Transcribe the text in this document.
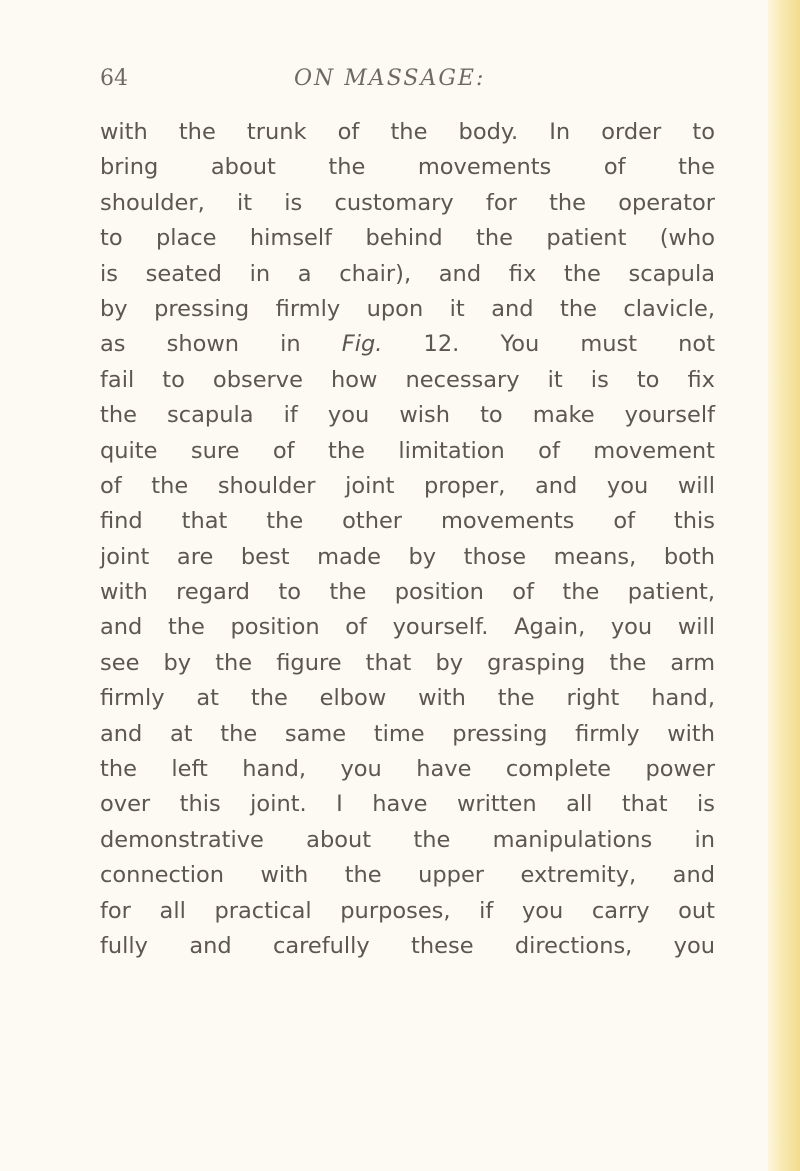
64	ON MASSAGE:
with the trunk of the body. In order to
bring about the movements of the
shoulder, it is customary for the operator
to place himself behind the patient (who
is seated in a chair), and fix the scapula
by pressing firmly upon it and the clavicle,
as shown in Fig. 12. You must not
fail to observe how necessary it is to fix
the scapula if you wish to make yourself
quite sure of the limitation of movement
of the shoulder joint proper, and you will
find that the other movements of this
joint are best made by those means, both
with regard to the position of the patient,
and the position of yourself. Again, you will
see by the figure that by grasping the arm
firmly at the elbow with the right hand,
and at the same time pressing firmly with
the left hand, you have complete power
over this joint. I have written all that is
demonstrative about the manipulations in
connection with the upper extremity, and
for all practical purposes, if you carry out
fully and carefully these directions, you
